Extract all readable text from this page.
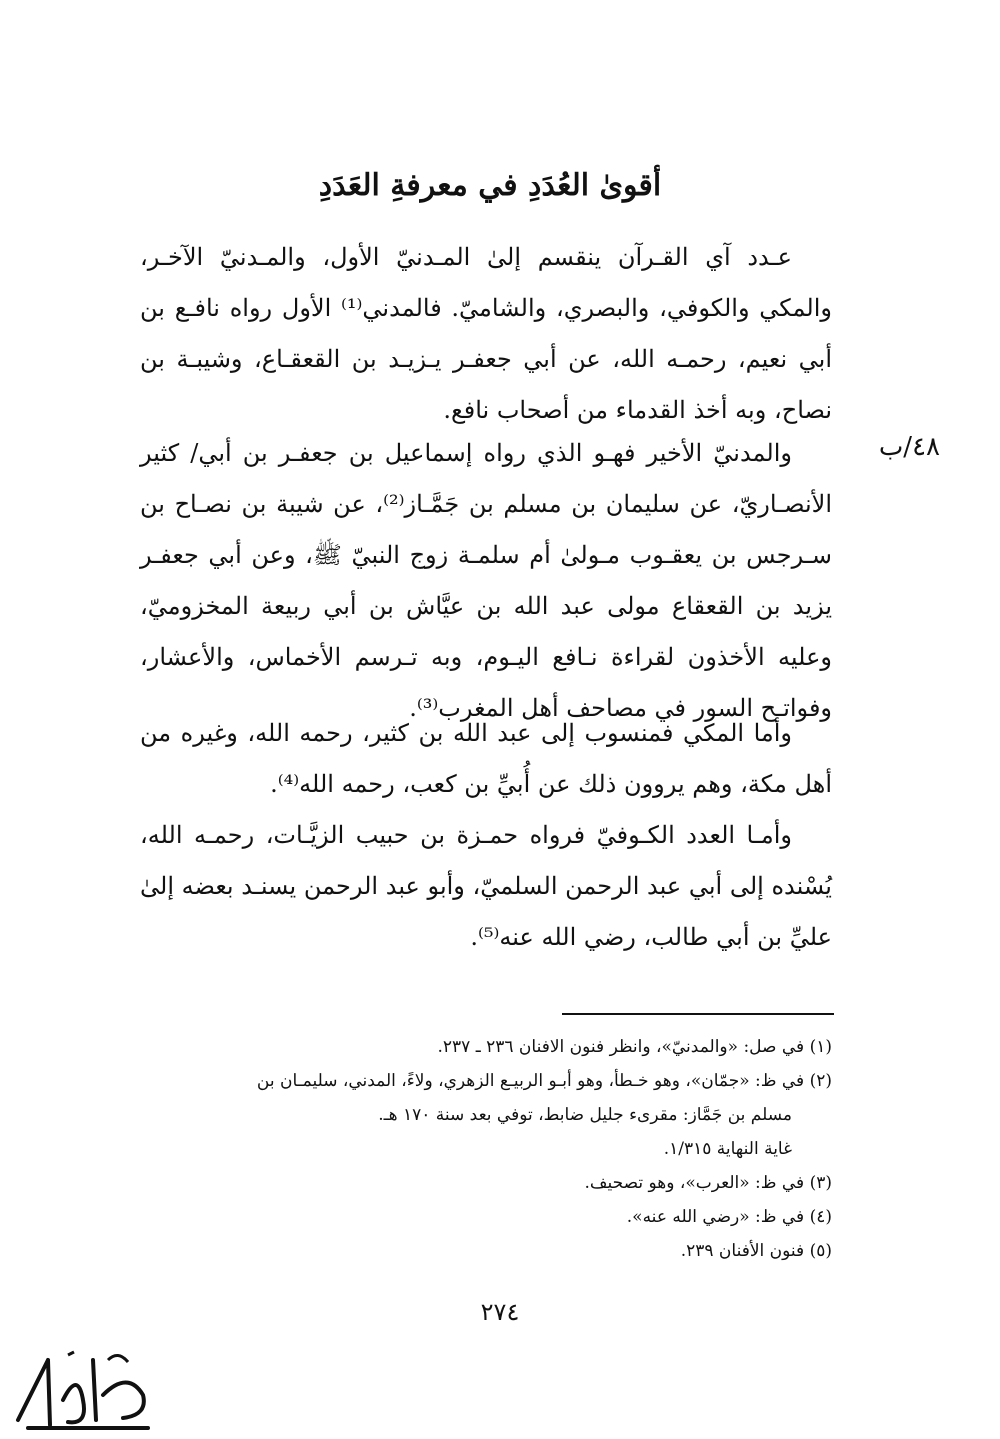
أقوىٰ العُدَدِ في معرفةِ العَدَدِ
عـدد آي القـرآن ينقسم إلىٰ المـدنيّ الأول، والمـدنيّ الآخـر، والمكي والكوفي، والبصري، والشاميّ. فالمدني⁽¹⁾ الأول رواه نافـع بن أبي نعيم، رحمـه الله، عن أبي جعفـر يـزيـد بن القعقـاع، وشيبـة بن نصاح، وبه أخذ القدماء من أصحاب نافع.
٤٨/ب
والمدنيّ الأخير فهـو الذي رواه إسماعيل بن جعفـر بن أبي/ كثير الأنصـاريّ، عن سليمان بن مسلم بن جَمَّـاز⁽²⁾، عن شيبة بن نصـاح بن سـرجس بن يعقـوب مـولىٰ أم سلمـة زوج النبيّ ﷺ، وعن أبي جعفـر يزيد بن القعقاع مولى عبد الله بن عيَّاش بن أبي ربيعة المخزوميّ، وعليه الأخذون لقراءة نـافع اليـوم، وبه تـرسم الأخماس، والأعشار، وفواتـح السور في مصاحف أهل المغرب⁽³⁾.
وأما المكي فمنسوب إلى عبد الله بن كثير، رحمه الله، وغيره من أهل مكة، وهم يروون ذلك عن أُبيِّ بن كعب، رحمه الله⁽⁴⁾.
وأمـا العدد الكـوفيّ فرواه حمـزة بن حبيب الزيَّـات، رحمـه الله، يُسْنده إلى أبي عبد الرحمن السلميّ، وأبو عبد الرحمن يسنـد بعضه إلىٰ عليِّ بن أبي طالب، رضي الله عنه⁽⁵⁾.
(١) في صل: «والمدنيّ»، وانظر فنون الافنان ٢٣٦ ـ ٢٣٧.
(٢) في ظ: «جمّان»، وهو خـطأ، وهو أبـو الربيـع الزهري، ولاءً، المدني، سليمـان بن
مسلم بن جَمَّاز: مقرىء جليل ضابط، توفي بعد سنة ١٧٠ هـ.
غاية النهاية ١/٣١٥.
(٣) في ظ: «العرب»، وهو تصحيف.
(٤) في ظ: «رضي الله عنه».
(٥) فنون الأفنان ٢٣٩.
٢٧٤
